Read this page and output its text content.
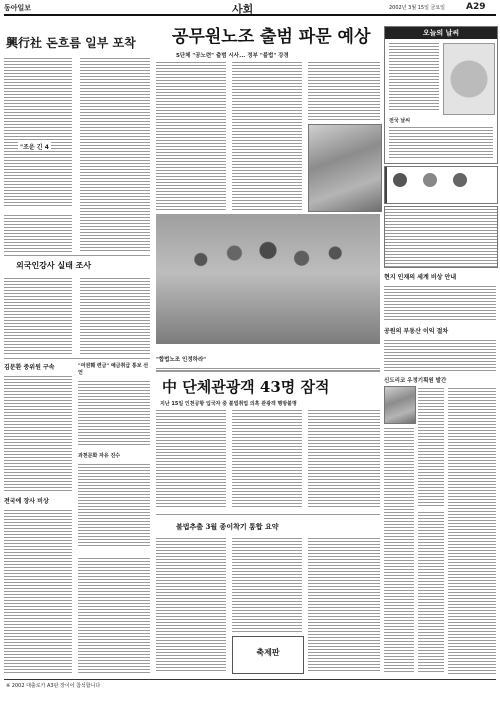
동아일보	사회	2002년 3월 15일 금요일 A29
興行社 돈흐름 일부 포착
"조운 긴 4
외국인강사 실태 조사
김문환 중위원 구속	"여권훼 련금" 예금취급 통보 선언
과천문화 자유 진수
전국에 장사 비상
공무원노조 출범 파문 예상
5단체 "공노련" 출범 시사... 정부 "불법" 강경
"합법노조 인정하라"
오늘의 날씨
전국 날씨
현지 인재의 세계 비상 안내
공원의 부동산 이익 절차
신도리코 우정기획원 발간
中 단체관광객 43명 잠적
지난 15일 인천공항 입국자 중 불법취업 의혹 관광객 행방불명
불법추출 3월 종이착기 통합 요약
축제판
※ 2002 대출로가 A3판 장이어 참석합니다
